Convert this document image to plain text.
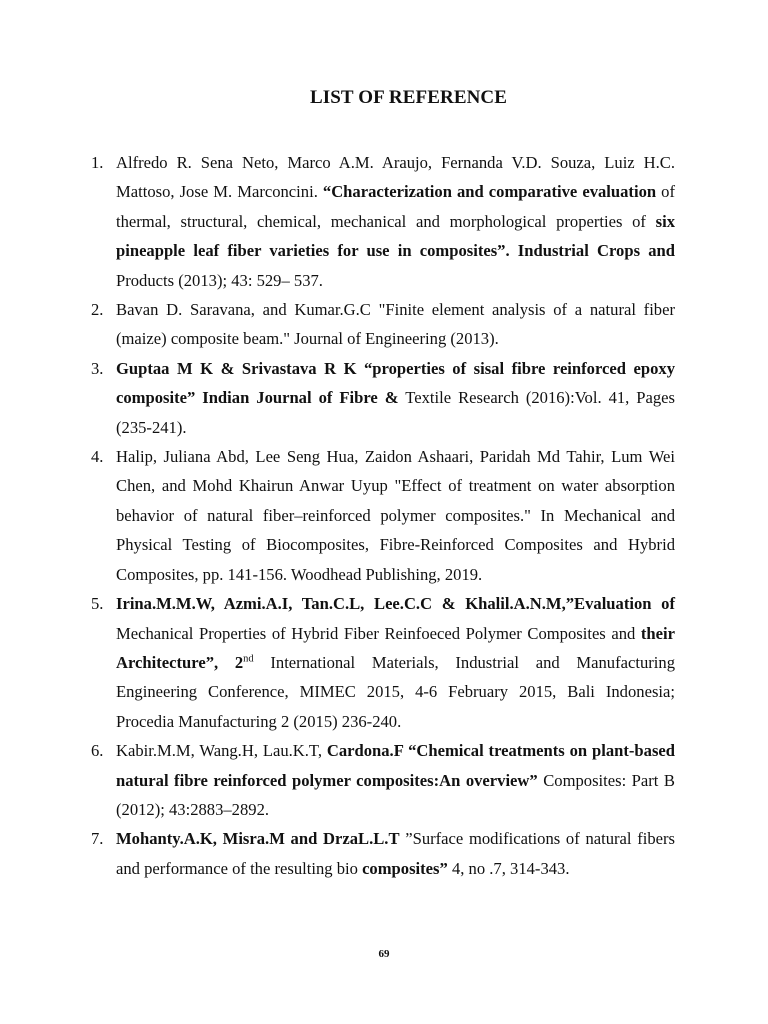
LIST OF REFERENCE
1. Alfredo R. Sena Neto, Marco A.M. Araujo, Fernanda V.D. Souza, Luiz H.C. Mattoso, Jose M. Marconcini. “Characterization and comparative evaluation of thermal, structural, chemical, mechanical and morphological properties of six pineapple leaf fiber varieties for use in composites”. Industrial Crops and Products (2013); 43: 529– 537.
2. Bavan D. Saravana, and Kumar.G.C "Finite element analysis of a natural fiber (maize) composite beam." Journal of Engineering (2013).
3. Guptaa M K & Srivastava R K “properties of sisal fibre reinforced epoxy composite” Indian Journal of Fibre & Textile Research (2016):Vol. 41, Pages (235-241).
4. Halip, Juliana Abd, Lee Seng Hua, Zaidon Ashaari, Paridah Md Tahir, Lum Wei Chen, and Mohd Khairun Anwar Uyup "Effect of treatment on water absorption behavior of natural fiber–reinforced polymer composites." In Mechanical and Physical Testing of Biocomposites, Fibre-Reinforced Composites and Hybrid Composites, pp. 141-156. Woodhead Publishing, 2019.
5. Irina.M.M.W, Azmi.A.I, Tan.C.L, Lee.C.C & Khalil.A.N.M,”Evaluation of Mechanical Properties of Hybrid Fiber Reinfoeced Polymer Composites and their Architecture”, 2nd International Materials, Industrial and Manufacturing Engineering Conference, MIMEC 2015, 4-6 February 2015, Bali Indonesia; Procedia Manufacturing 2 (2015) 236-240.
6. Kabir.M.M, Wang.H, Lau.K.T, Cardona.F “Chemical treatments on plant-based natural fibre reinforced polymer composites:An overview” Composites: Part B (2012); 43:2883–2892.
7. Mohanty.A.K, Misra.M and DrzaL.L.T ”Surface modifications of natural fibers and performance of the resulting bio composites” 4, no .7, 314-343.
69
